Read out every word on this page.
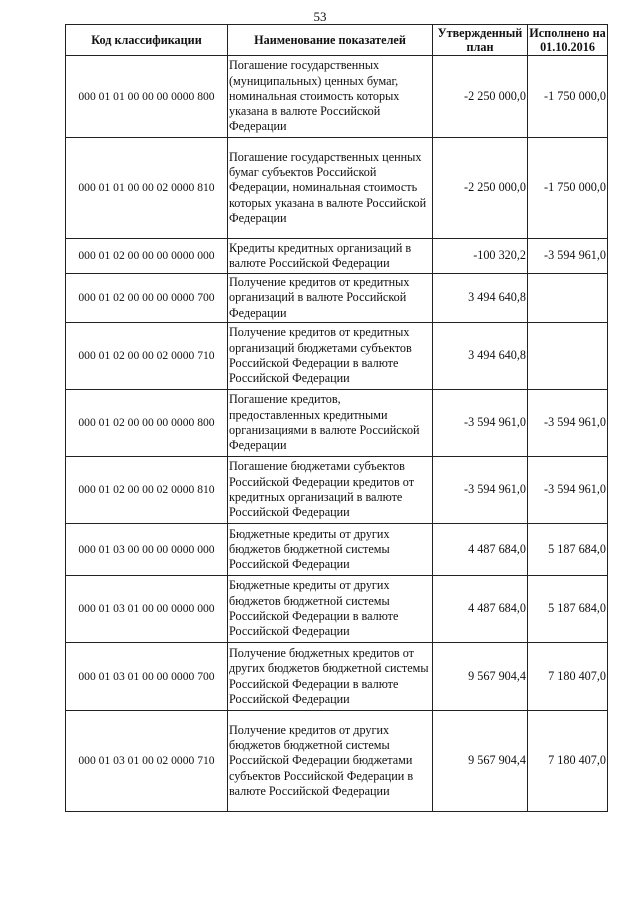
53
Код классификации	Наименование показателей	Утвержденный план	Исполнено на 01.10.2016
000 01 01 00 00 00 0000 800	Погашение государственных (муниципальных) ценных бумаг, номинальная стоимость которых указана в валюте Российской Федерации	-2 250 000,0	-1 750 000,0
000 01 01 00 00 02 0000 810	Погашение государственных ценных бумаг субъектов Российской Федерации, номинальная стоимость которых указана в валюте Российской Федерации	-2 250 000,0	-1 750 000,0
000 01 02 00 00 00 0000 000	Кредиты кредитных организаций в валюте Российской Федерации	-100 320,2	-3 594 961,0
000 01 02 00 00 00 0000 700	Получение кредитов от кредитных организаций в валюте Российской Федерации	3 494 640,8	
000 01 02 00 00 02 0000 710	Получение кредитов от кредитных организаций бюджетами субъектов Российской Федерации в валюте Российской Федерации	3 494 640,8	
000 01 02 00 00 00 0000 800	Погашение кредитов, предоставленных кредитными организациями в валюте Российской Федерации	-3 594 961,0	-3 594 961,0
000 01 02 00 00 02 0000 810	Погашение бюджетами субъектов Российской Федерации кредитов от кредитных организаций в валюте Российской Федерации	-3 594 961,0	-3 594 961,0
000 01 03 00 00 00 0000 000	Бюджетные кредиты от других бюджетов бюджетной системы Российской Федерации	4 487 684,0	5 187 684,0
000 01 03 01 00 00 0000 000	Бюджетные кредиты от других бюджетов бюджетной системы Российской Федерации в валюте Российской Федерации	4 487 684,0	5 187 684,0
000 01 03 01 00 00 0000 700	Получение бюджетных кредитов от других бюджетов бюджетной системы Российской Федерации в валюте Российской Федерации	9 567 904,4	7 180 407,0
000 01 03 01 00 02 0000 710	Получение кредитов от других бюджетов бюджетной системы Российской Федерации бюджетами субъектов Российской Федерации в валюте Российской Федерации	9 567 904,4	7 180 407,0
